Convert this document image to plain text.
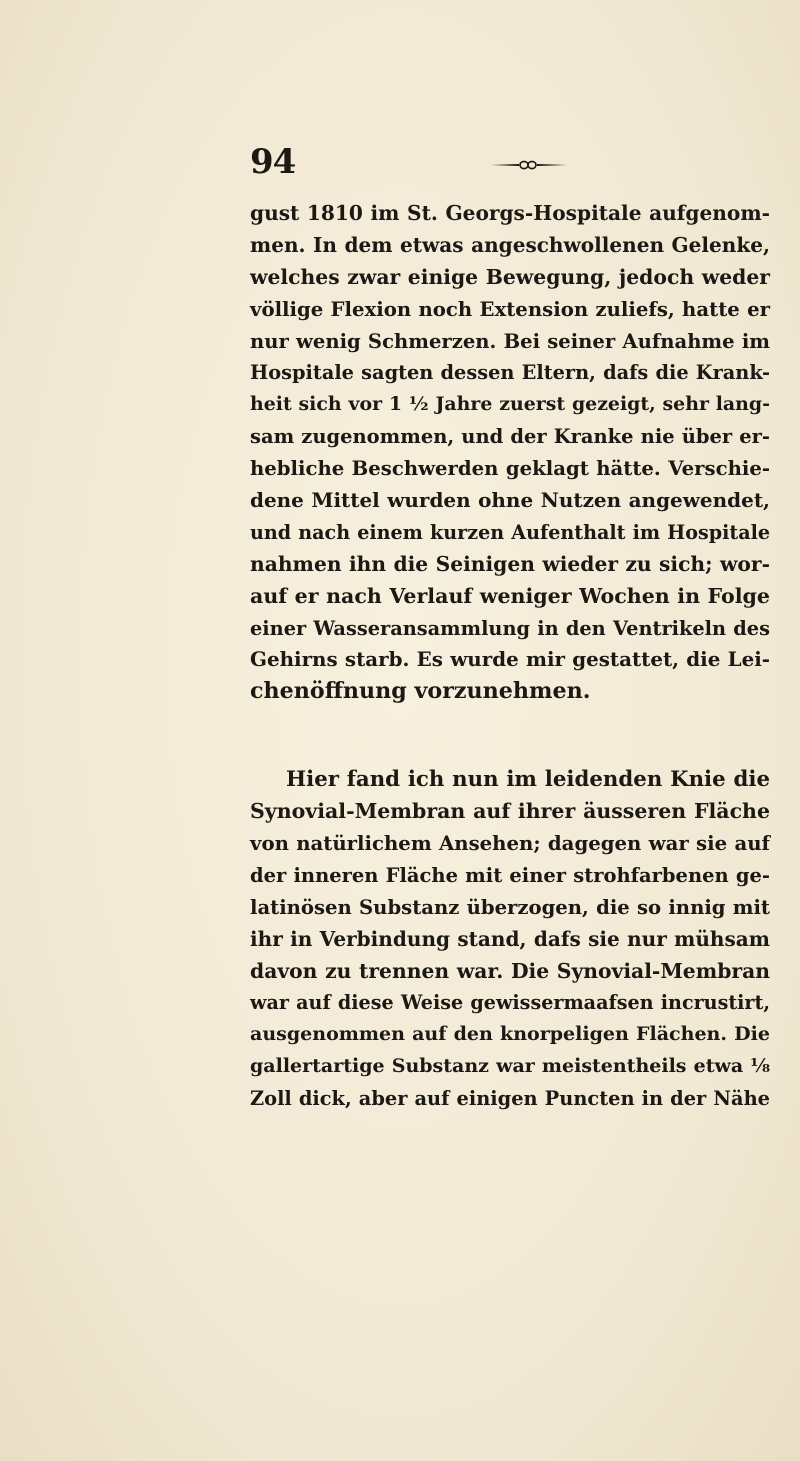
94
gust 1810 im St. Georgs-Hospitale aufgenom-
men. In dem etwas angeschwollenen Gelenke,
welches zwar einige Bewegung, jedoch weder
völlige Flexion noch Extension zuliefs, hatte er
nur wenig Schmerzen. Bei seiner Aufnahme im
Hospitale sagten dessen Eltern, dafs die Krank-
heit sich vor 1 ½ Jahre zuerst gezeigt, sehr lang-
sam zugenommen, und der Kranke nie über er-
hebliche Beschwerden geklagt hätte. Verschie-
dene Mittel wurden ohne Nutzen angewendet,
und nach einem kurzen Aufenthalt im Hospitale
nahmen ihn die Seinigen wieder zu sich; wor-
auf er nach Verlauf weniger Wochen in Folge
einer Wasseransammlung in den Ventrikeln des
Gehirns starb. Es wurde mir gestattet, die Lei-
chenöffnung vorzunehmen.
Hier fand ich nun im leidenden Knie die
Synovial-Membran auf ihrer äusseren Fläche
von natürlichem Ansehen; dagegen war sie auf
der inneren Fläche mit einer strohfarbenen ge-
latinösen Substanz überzogen, die so innig mit
ihr in Verbindung stand, dafs sie nur mühsam
davon zu trennen war. Die Synovial-Membran
war auf diese Weise gewissermaafsen incrustirt,
ausgenommen auf den knorpeligen Flächen. Die
gallertartige Substanz war meistentheils etwa ⅛
Zoll dick, aber auf einigen Puncten in der Nähe
